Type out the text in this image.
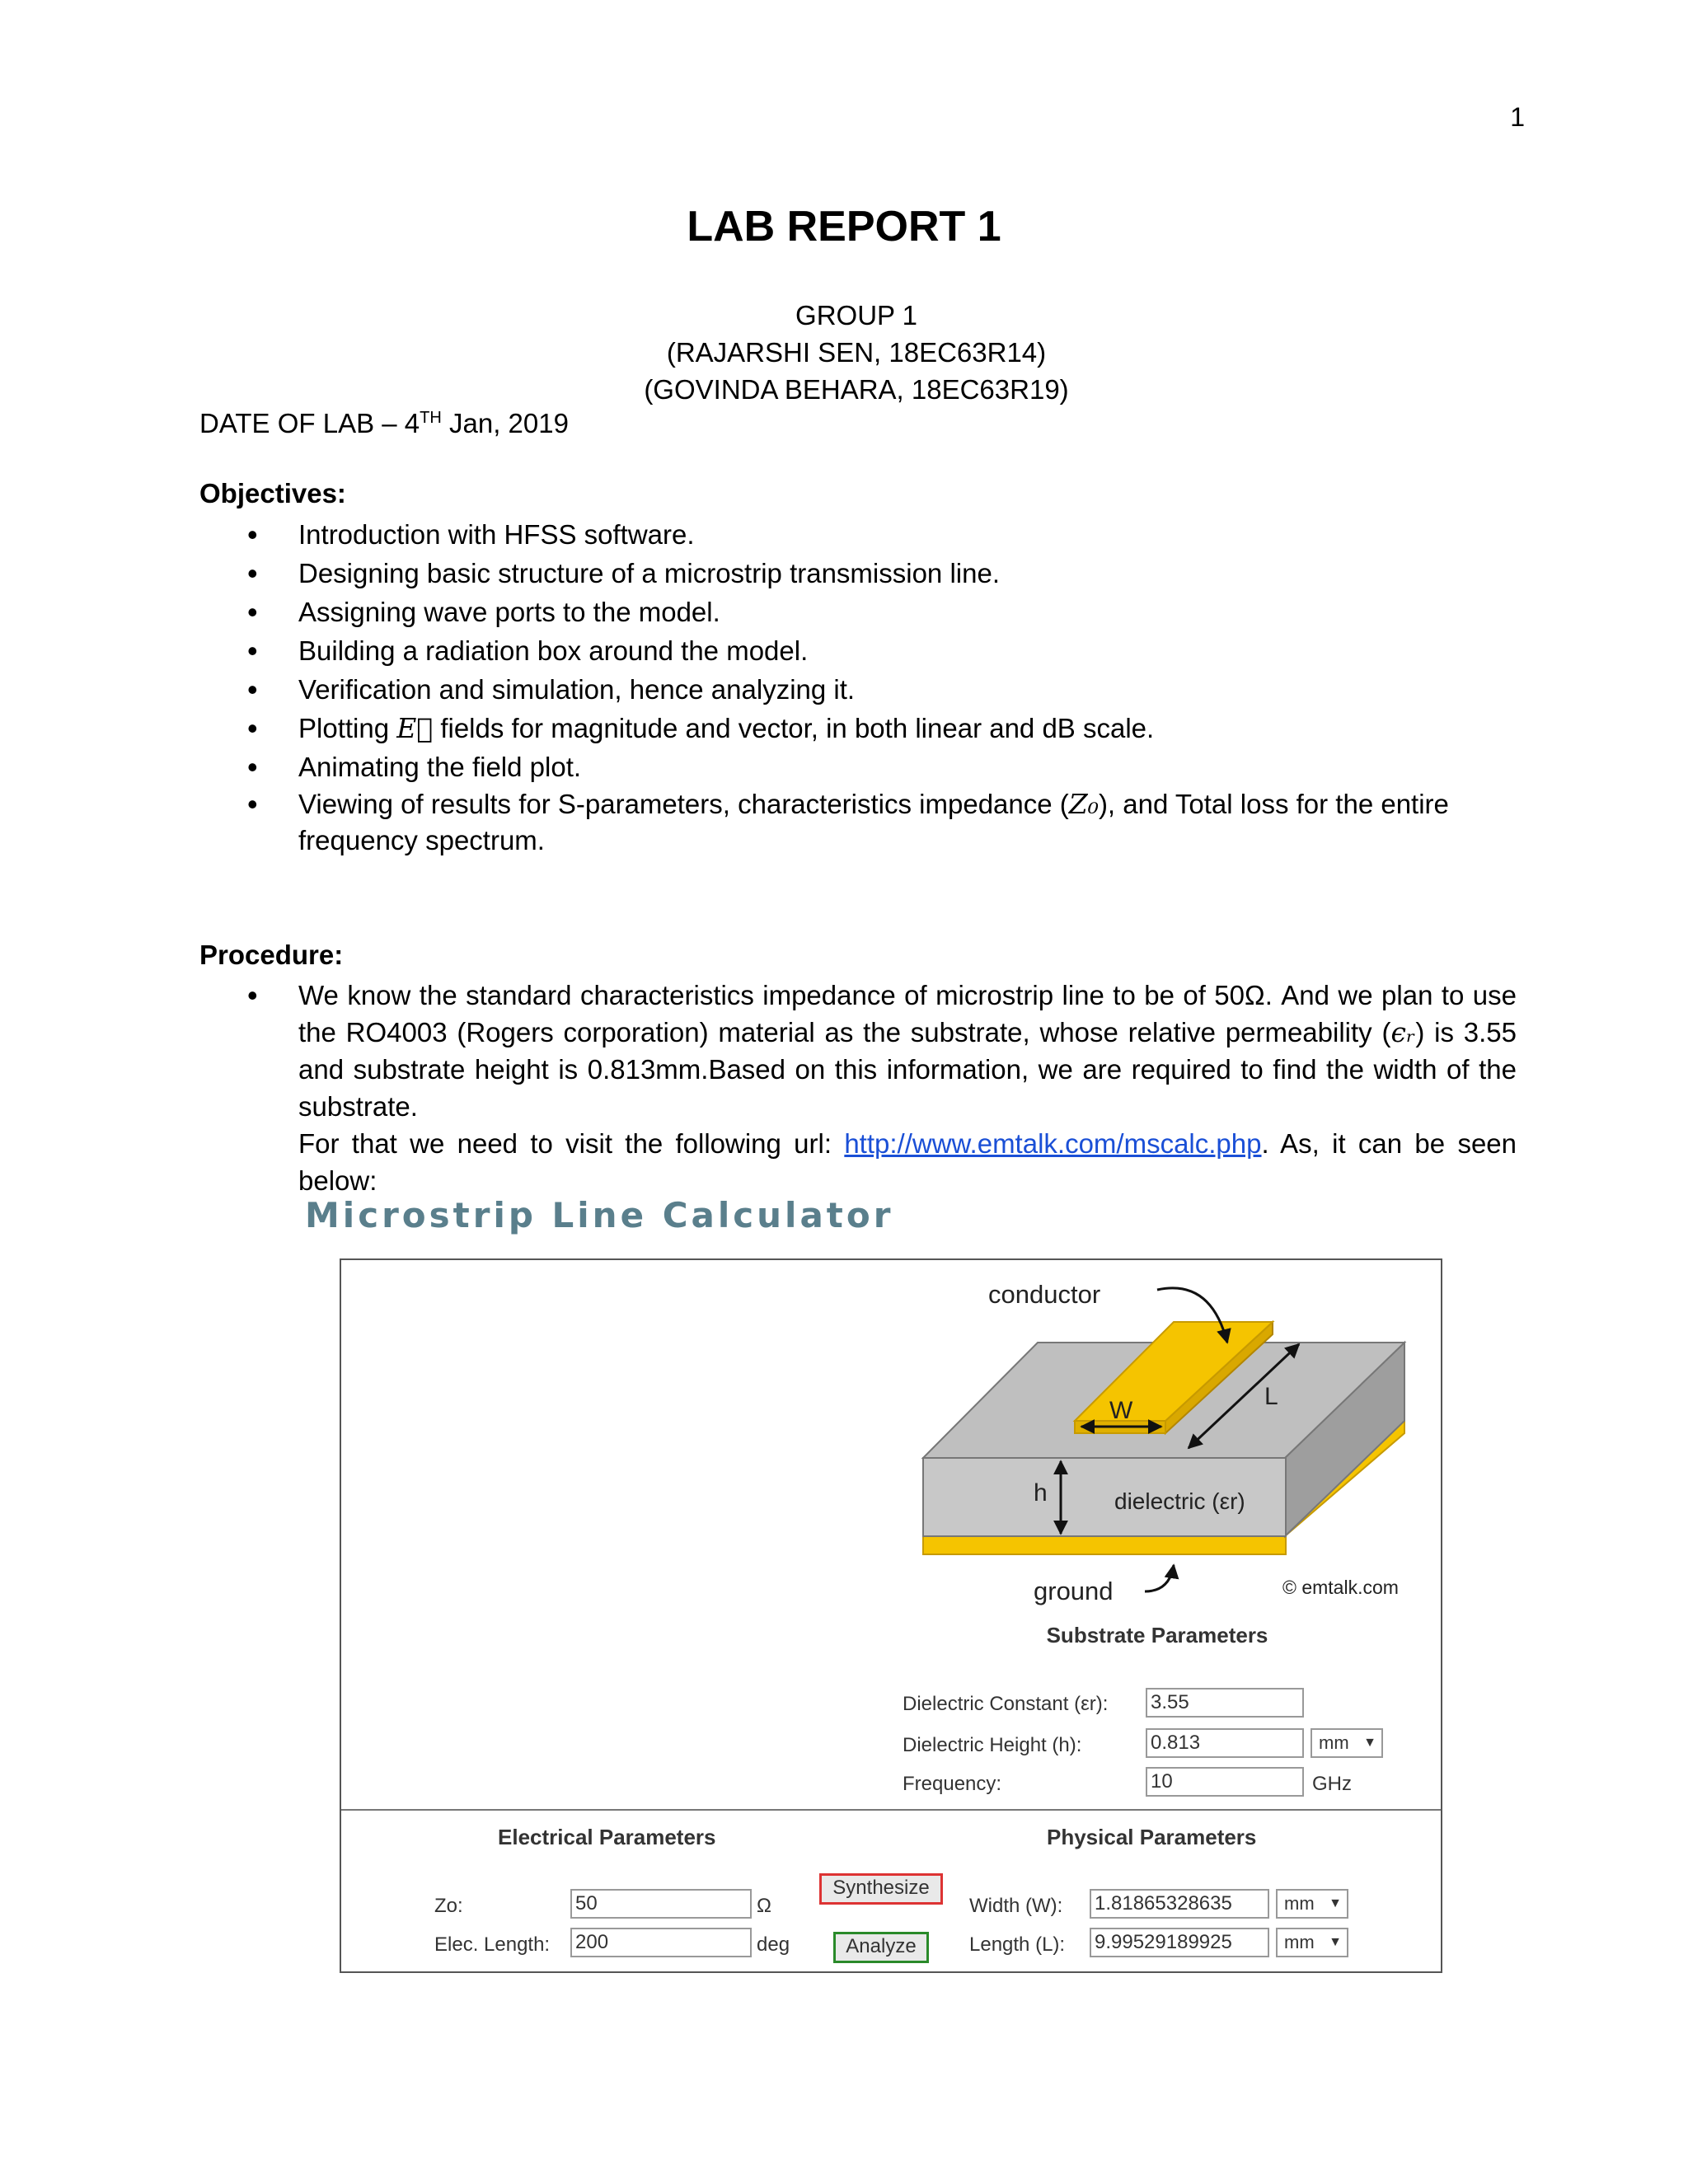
1
LAB REPORT 1
GROUP 1
(RAJARSHI SEN, 18EC63R14)
(GOVINDA BEHARA, 18EC63R19)
DATE OF LAB – 4TH Jan, 2019
Objectives:
• Introduction with HFSS software.
• Designing basic structure of a microstrip transmission line.
• Assigning wave ports to the model.
• Building a radiation box around the model.
• Verification and simulation, hence analyzing it.
• Plotting E⃗ fields for magnitude and vector, in both linear and dB scale.
• Animating the field plot.
• Viewing of results for S-parameters, characteristics impedance (Z₀), and Total loss for the entire frequency spectrum.
Procedure:

• We know the standard characteristics impedance of microstrip line to be of 50Ω. And we plan to use the RO4003 (Rogers corporation) material as the substrate, whose relative permeability (ϵᵣ) is 3.55 and substrate height is 0.813mm.Based on this information, we are required to find the width of the substrate.

For that we need to visit the following url: http://www.emtalk.com/mscalc.php. As, it can be seen below:

Microstrip Line Calculator
conductor
W
L
h	dielectric (εr)
ground	© emtalk.com
Substrate Parameters
Dielectric Constant (εr): 3.55
Dielectric Height (h):	0.813	mm ▼
Frequency:	10	GHz
Electrical Parameters	Physical Parameters
Zo:	50	Ω
Elec. Length: 200	deg
Synthesize
Analyze
Width (W): 1.81865328635	mm ▼
Length (L): 9.99529189925	mm ▼
